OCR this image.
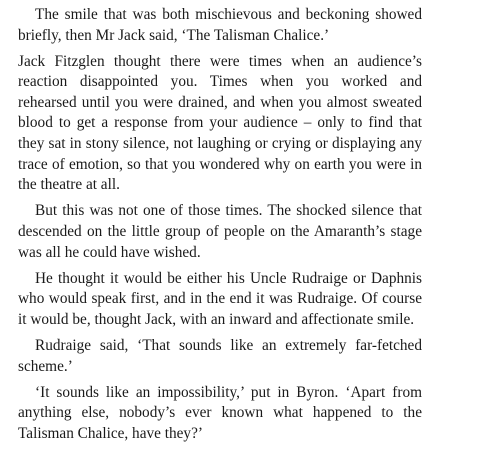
The smile that was both mischievous and beckoning showed briefly, then Mr Jack said, ‘The Talisman Chalice.’

Jack Fitzglen thought there were times when an audience’s reaction disappointed you. Times when you worked and rehearsed until you were drained, and when you almost sweated blood to get a response from your audience – only to find that they sat in stony silence, not laughing or crying or displaying any trace of emotion, so that you wondered why on earth you were in the theatre at all.

But this was not one of those times. The shocked silence that descended on the little group of people on the Amaranth’s stage was all he could have wished.

He thought it would be either his Uncle Rudraige or Daphnis who would speak first, and in the end it was Rudraige. Of course it would be, thought Jack, with an inward and affectionate smile.

Rudraige said, ‘That sounds like an extremely far-fetched scheme.’

‘It sounds like an impossibility,’ put in Byron. ‘Apart from anything else, nobody’s ever known what happened to the Talisman Chalice, have they?’
